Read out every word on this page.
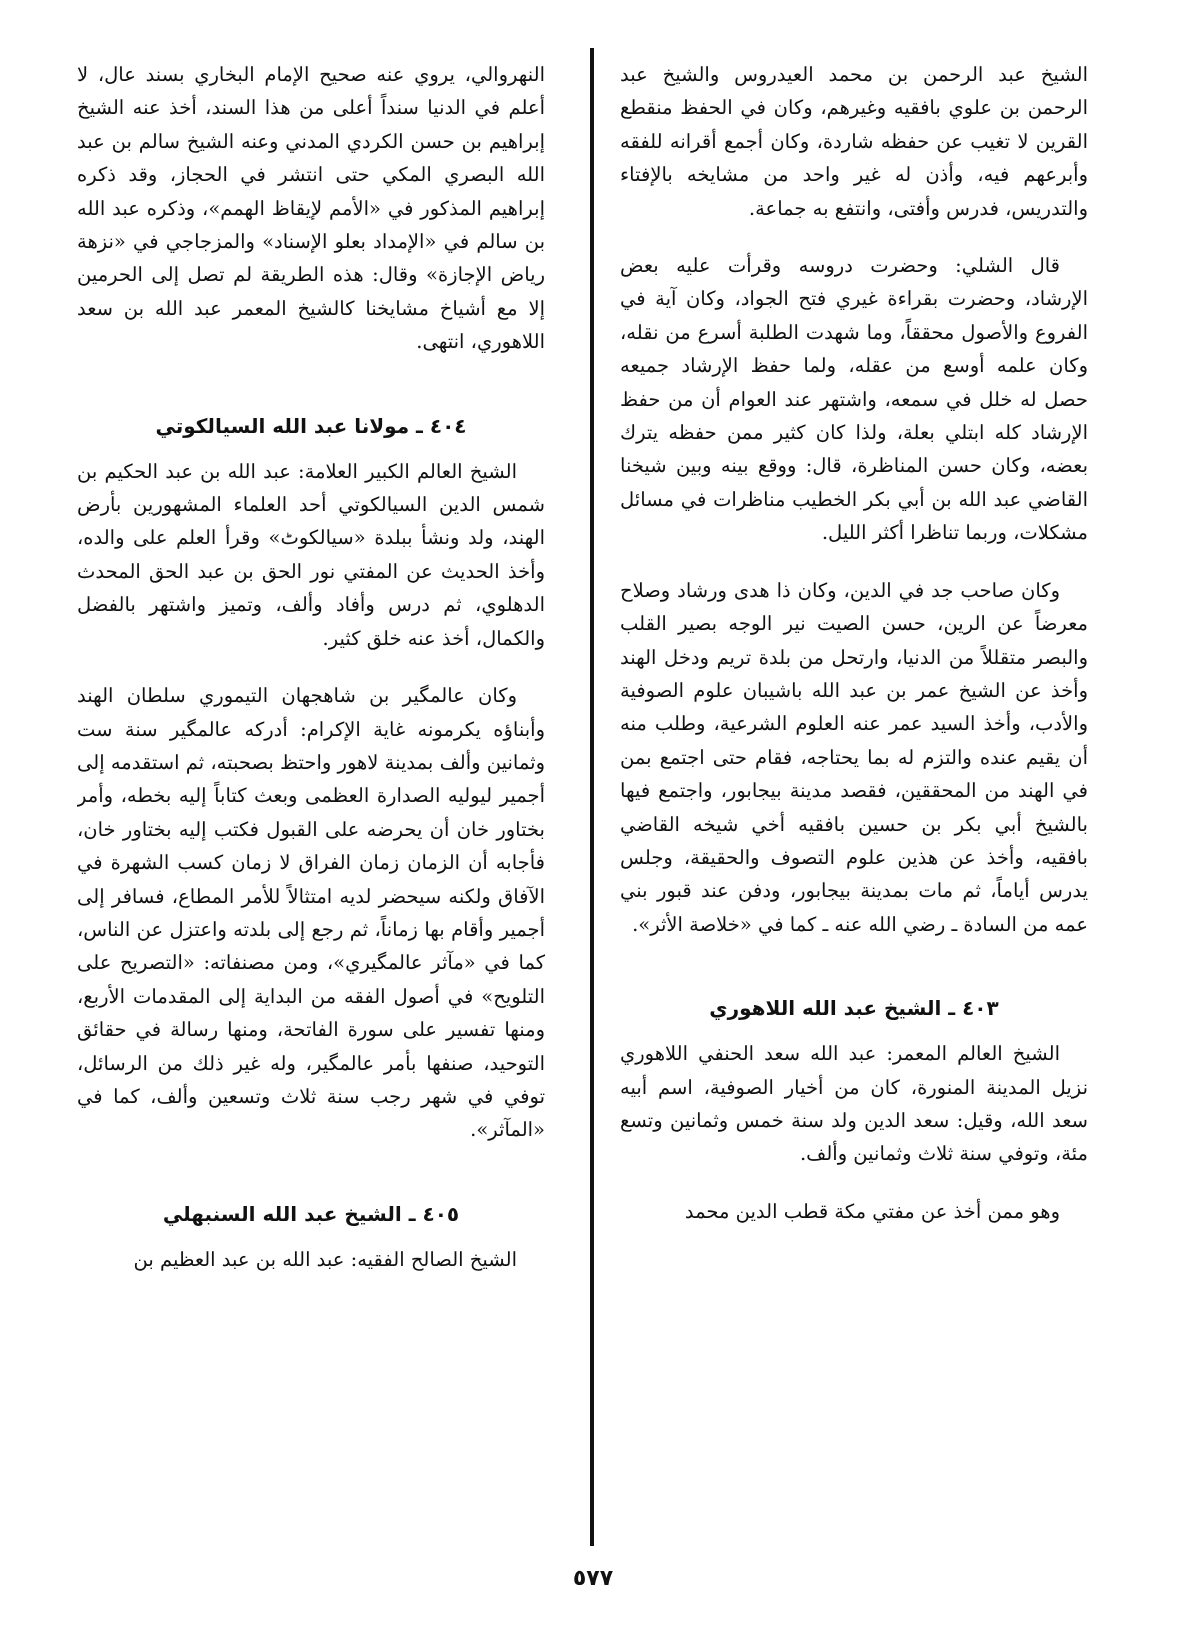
الشيخ عبد الرحمن بن محمد العيدروس والشيخ عبد الرحمن بن علوي بافقيه وغيرهم، وكان في الحفظ منقطع القرين لا تغيب عن حفظه شاردة، وكان أجمع أقرانه للفقه وأبرعهم فيه، وأذن له غير واحد من مشايخه بالإفتاء والتدريس، فدرس وأفتى، وانتفع به جماعة.

قال الشلي: وحضرت دروسه وقرأت عليه بعض الإرشاد، وحضرت بقراءة غيري فتح الجواد، وكان آية في الفروع والأصول محققاً، وما شهدت الطلبة أسرع من نقله، وكان علمه أوسع من عقله، ولما حفظ الإرشاد جميعه حصل له خلل في سمعه، واشتهر عند العوام أن من حفظ الإرشاد كله ابتلي بعلة، ولذا كان كثير ممن حفظه يترك بعضه، وكان حسن المناظرة، قال: ووقع بينه وبين شيخنا القاضي عبد الله بن أبي بكر الخطيب مناظرات في مسائل مشكلات، وربما تناظرا أكثر الليل.

وكان صاحب جد في الدين، وكان ذا هدى ورشاد وصلاح معرضاً عن الرين، حسن الصيت نير الوجه بصير القلب والبصر متقللاً من الدنيا، وارتحل من بلدة تريم ودخل الهند وأخذ عن الشيخ عمر بن عبد الله باشيبان علوم الصوفية والأدب، وأخذ السيد عمر عنه العلوم الشرعية، وطلب منه أن يقيم عنده والتزم له بما يحتاجه، فقام حتى اجتمع بمن في الهند من المحققين، فقصد مدينة بيجابور، واجتمع فيها بالشيخ أبي بكر بن حسين بافقيه أخي شيخه القاضي بافقيه، وأخذ عن هذين علوم التصوف والحقيقة، وجلس يدرس أياماً، ثم مات بمدينة بيجابور، ودفن عند قبور بني عمه من السادة ـ رضي الله عنه ـ كما في «خلاصة الأثر».

٤٠٣ ـ الشيخ عبد الله اللاهوري

الشيخ العالم المعمر: عبد الله سعد الحنفي اللاهوري نزيل المدينة المنورة، كان من أخيار الصوفية، اسم أبيه سعد الله، وقيل: سعد الدين ولد سنة خمس وثمانين وتسع مئة، وتوفي سنة ثلاث وثمانين وألف.

وهو ممن أخذ عن مفتي مكة قطب الدين محمد

النهروالي، يروي عنه صحيح الإمام البخاري بسند عال، لا أعلم في الدنيا سنداً أعلى من هذا السند، أخذ عنه الشيخ إبراهيم بن حسن الكردي المدني وعنه الشيخ سالم بن عبد الله البصري المكي حتى انتشر في الحجاز، وقد ذكره إبراهيم المذكور في «الأمم لإيقاظ الهمم»، وذكره عبد الله بن سالم في «الإمداد بعلو الإسناد» والمزجاجي في «نزهة رياض الإجازة» وقال: هذه الطريقة لم تصل إلى الحرمين إلا مع أشياخ مشايخنا كالشيخ المعمر عبد الله بن سعد اللاهوري، انتهى.

٤٠٤ ـ مولانا عبد الله السيالكوتي

الشيخ العالم الكبير العلامة: عبد الله بن عبد الحكيم بن شمس الدين السيالكوتي أحد العلماء المشهورين بأرض الهند، ولد ونشأ ببلدة «سيالكوٹ» وقرأ العلم على والده، وأخذ الحديث عن المفتي نور الحق بن عبد الحق المحدث الدهلوي، ثم درس وأفاد وألف، وتميز واشتهر بالفضل والكمال، أخذ عنه خلق كثير.

وكان عالمگير بن شاهجهان التيموري سلطان الهند وأبناؤه يكرمونه غاية الإكرام: أدركه عالمگير سنة ست وثمانين وألف بمدينة لاهور واحتظ بصحبته، ثم استقدمه إلى أجمير ليوليه الصدارة العظمى وبعث كتاباً إليه بخطه، وأمر بختاور خان أن يحرضه على القبول فكتب إليه بختاور خان، فأجابه أن الزمان زمان الفراق لا زمان كسب الشهرة في الآفاق ولكنه سيحضر لديه امتثالاً للأمر المطاع، فسافر إلى أجمير وأقام بها زماناً، ثم رجع إلى بلدته واعتزل عن الناس، كما في «مآثر عالمگيري»، ومن مصنفاته: «التصريح على التلويح» في أصول الفقه من البداية إلى المقدمات الأربع، ومنها تفسير على سورة الفاتحة، ومنها رسالة في حقائق التوحيد، صنفها بأمر عالمگير، وله غير ذلك من الرسائل، توفي في شهر رجب سنة ثلاث وتسعين وألف، كما في «المآثر».

٤٠٥ ـ الشيخ عبد الله السنبهلي

الشيخ الصالح الفقيه: عبد الله بن عبد العظيم بن

٥٧٧
